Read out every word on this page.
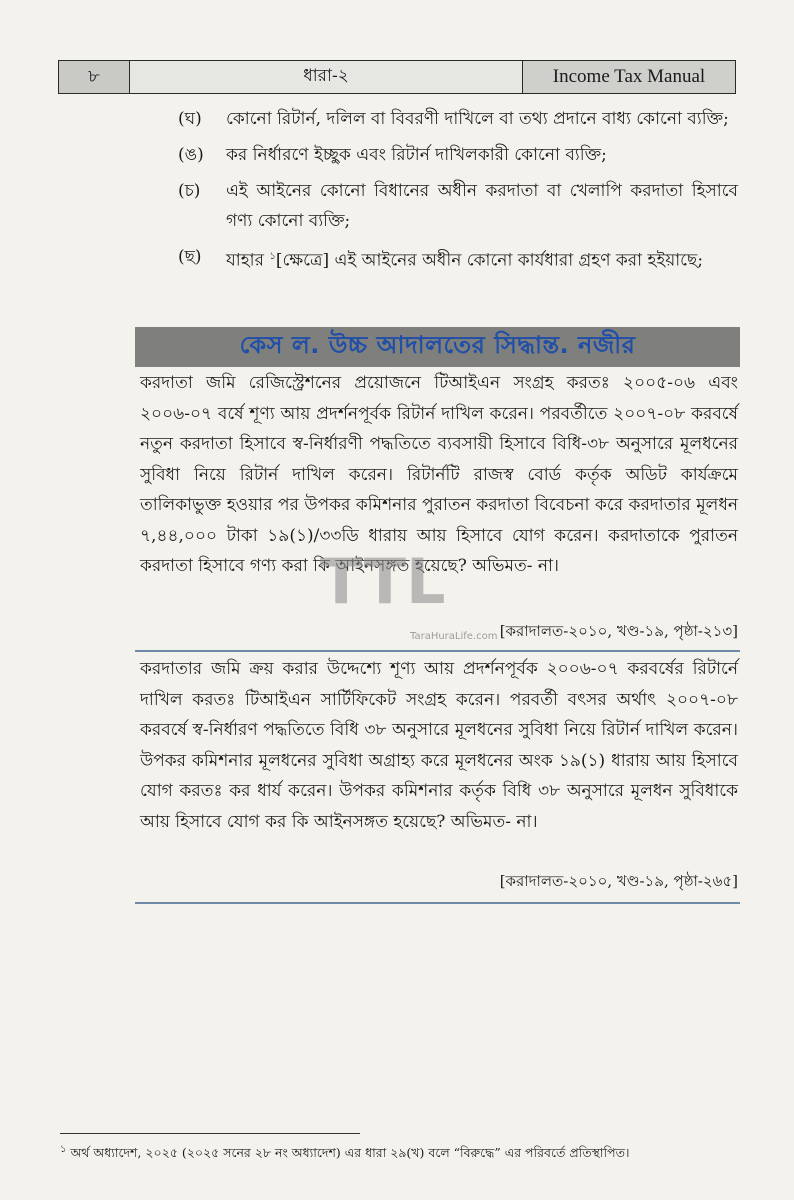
৮	ধারা-২	Income Tax Manual
(ঘ)	কোনো রিটার্ন, দলিল বা বিবরণী দাখিলে বা তথ্য প্রদানে বাধ্য কোনো ব্যক্তি;
(ঙ)	কর নির্ধারণে ইচ্ছুক এবং রিটার্ন দাখিলকারী কোনো ব্যক্তি;
(চ)	এই আইনের কোনো বিধানের অধীন করদাতা বা খেলাপি করদাতা হিসাবে গণ্য কোনো ব্যক্তি;
(ছ)	যাহার $^১$[ক্ষেত্রে] এই আইনের অধীন কোনো কার্যধারা গ্রহণ করা হইয়াছে;
কেস ল. উচ্চ আদালতের সিদ্ধান্ত. নজীর
করদাতা জমি রেজিস্ট্রেশনের প্রয়োজনে টিআইএন সংগ্রহ করতঃ ২০০৫-০৬ এবং ২০০৬-০৭ বর্ষে শূণ্য আয় প্রদর্শনপূর্বক রিটার্ন দাখিল করেন। পরবর্তীতে ২০০৭-০৮ করবর্ষে নতুন করদাতা হিসাবে স্ব-নির্ধারণী পদ্ধতিতে ব্যবসায়ী হিসাবে বিধি-৩৮ অনুসারে মূলধনের সুবিধা নিয়ে রিটার্ন দাখিল করেন। রিটার্নটি রাজস্ব বোর্ড কর্তৃক অডিট কার্যক্রমে তালিকাভুক্ত হওয়ার পর উপকর কমিশনার পুরাতন করদাতা বিবেচনা করে করদাতার মূলধন ৭,৪৪,০০০ টাকা ১৯(১)/৩৩ডি ধারায় আয় হিসাবে যোগ করেন। করদাতাকে পুরাতন করদাতা হিসাবে গণ্য করা কি আইনসঙ্গত হয়েছে? অভিমত- না।
[করাদালত-২০১০, খণ্ড-১৯, পৃষ্ঠা-২১৩]
করদাতার জমি ক্রয় করার উদ্দেশ্যে শূণ্য আয় প্রদর্শনপূর্বক ২০০৬-০৭ করবর্ষের রিটার্নে দাখিল করতঃ টিআইএন সার্টিফিকেট সংগ্রহ করেন। পরবর্তী বৎসর অর্থাৎ ২০০৭-০৮ করবর্ষে স্ব-নির্ধারণ পদ্ধতিতে বিধি ৩৮ অনুসারে মূলধনের সুবিধা নিয়ে রিটার্ন দাখিল করেন। উপকর কমিশনার মূলধনের সুবিধা অগ্রাহ্য করে মূলধনের অংক ১৯(১) ধারায় আয় হিসাবে যোগ করতঃ কর ধার্য করেন। উপকর কমিশনার কর্তৃক বিধি ৩৮ অনুসারে মূলধন সুবিধাকে আয় হিসাবে যোগ কর কি আইনসঙ্গত হয়েছে? অভিমত- না।
[করাদালত-২০১০, খণ্ড-১৯, পৃষ্ঠা-২৬৫]
TTL
TaraHuraLife.com
$^১$ অর্থ অধ্যাদেশ, ২০২৫ (২০২৫ সনের ২৮ নং অধ্যাদেশ) এর ধারা ২৯(খ) বলে “বিরুদ্ধে” এর পরিবর্তে প্রতিস্থাপিত।
